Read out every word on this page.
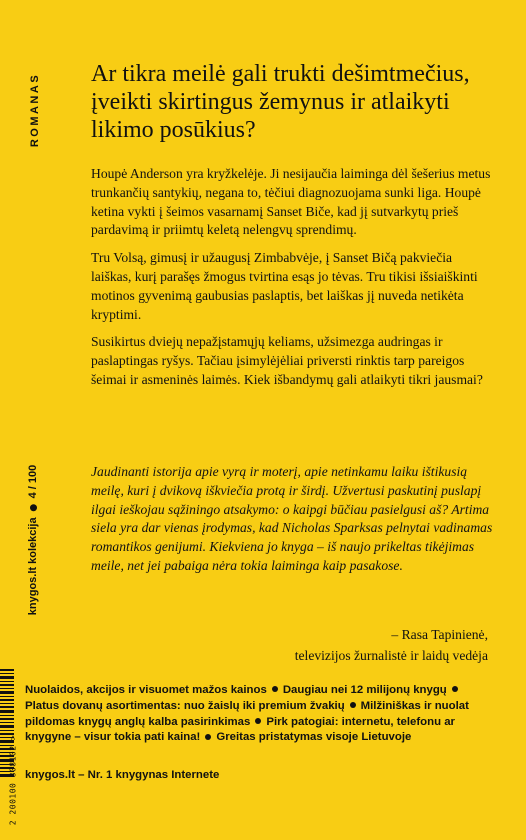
ROMANAS
knygos.lt kolekcija
4 / 100
Ar tikra meilė gali trukti dešimtmečius, įveikti skirtingus žemynus ir atlaikyti likimo posūkius?

Houpė Anderson yra kryžkelėje. Ji nesijaučia laiminga dėl šešerius metus trunkančių santykių, negana to, tėčiui diagnozuojama sunki liga. Houpė ketina vykti į šeimos vasarnamį Sanset Biče, kad jį sutvarkytų prieš pardavimą ir priimtų keletą nelengvų sprendimų.

Tru Volsą, gimusį ir užaugusį Zimbabvėje, į Sanset Bičą pakviečia laiškas, kurį parašęs žmogus tvirtina esąs jo tėvas. Tru tikisi išsiaiškinti motinos gyvenimą gaubusias paslaptis, bet laiškas jį nuveda netikėta kryptimi.

Susikirtus dviejų nepažįstamųjų keliams, užsimezga audringas ir paslaptingas ryšys. Tačiau įsimylėjėliai priversti rinktis tarp pareigos šeimai ir asmeninės laimės. Kiek išbandymų gali atlaikyti tikri jausmai?

Jaudinanti istorija apie vyrą ir moterį, apie netinkamu laiku ištikusią meilę, kuri į dvikovą iškviečia protą ir širdį. Užvertusi paskutinį puslapį ilgai ieškojau sąžiningo atsakymo: o kaipgi būčiau pasielgusi aš? Artima siela yra dar vienas įrodymas, kad Nicholas Sparksas pelnytai vadinamas romantikos genijumi. Kiekviena jo knyga – iš naujo prikeltas tikėjimas meile, net jei pabaiga nėra tokia laiminga kaip pasakose.

– Rasa Tapinienė,
televizijos žurnalistė ir laidų vedėja
2 200100 808102 >
Nuolaidos, akcijos ir visuomet mažos kainos Daugiau nei 12 milijonų knygųPlatus dovanų asortimentas: nuo žaislų iki premium žvakių Milžiniškas ir nuolat pildomas knygų anglų kalba pasirinkimas Pirk patogiai: internetu, telefonu ar knygyne – visur tokia pati kaina! Greitas pristatymas visoje Lietuvoje
knygos.lt – Nr. 1 knygynas Internete
